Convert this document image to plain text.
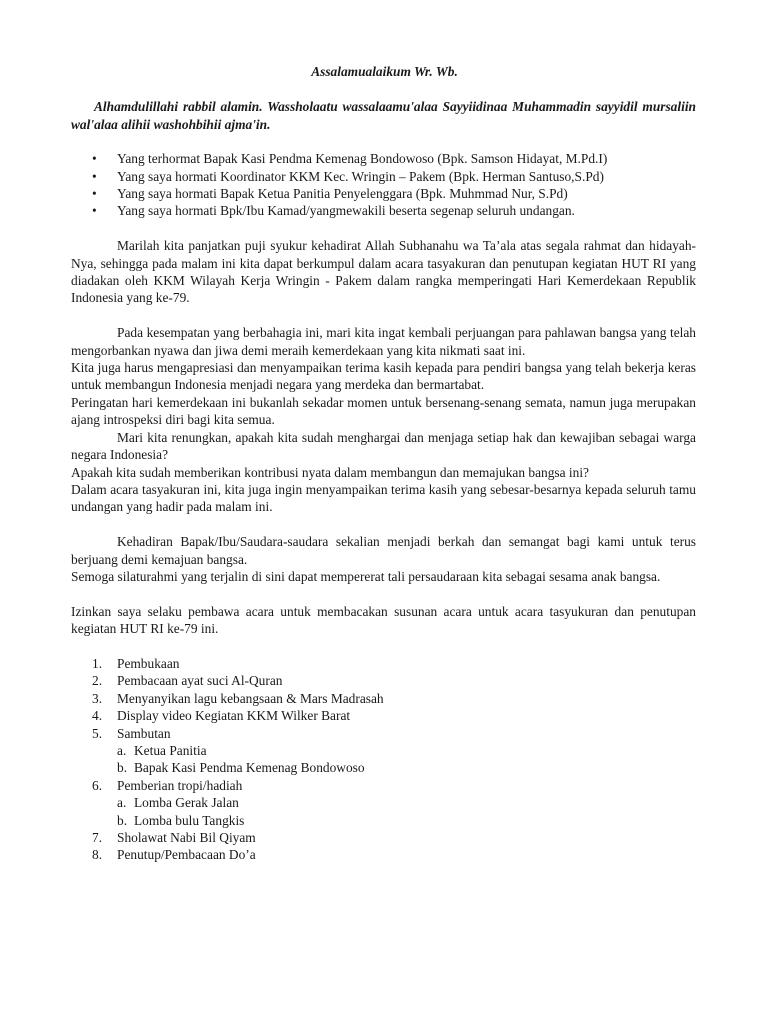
Assalamualaikum Wr. Wb.

Alhamdulillahi rabbil alamin. Wassholaatu wassalaamu'alaa Sayyiidinaa Muhammadin sayyidil mursaliin wal'alaa alihii washohbihii ajma'in.

• Yang terhormat Bapak Kasi Pendma Kemenag Bondowoso (Bpk. Samson Hidayat, M.Pd.I)
• Yang saya hormati Koordinator KKM Kec. Wringin – Pakem (Bpk. Herman Santuso,S.Pd)
• Yang saya hormati Bapak Ketua Panitia Penyelenggara (Bpk. Muhmmad Nur, S.Pd)
• Yang saya hormati Bpk/Ibu Kamad/yangmewakili beserta segenap seluruh undangan.

Marilah kita panjatkan puji syukur kehadirat Allah Subhanahu wa Ta’ala atas segala rahmat dan hidayah-Nya, sehingga pada malam ini kita dapat berkumpul dalam acara tasyakuran dan penutupan kegiatan HUT RI yang diadakan oleh KKM Wilayah Kerja Wringin - Pakem dalam rangka memperingati Hari Kemerdekaan Republik Indonesia yang ke-79.

Pada kesempatan yang berbahagia ini, mari kita ingat kembali perjuangan para pahlawan bangsa yang telah mengorbankan nyawa dan jiwa demi meraih kemerdekaan yang kita nikmati saat ini.

Kita juga harus mengapresiasi dan menyampaikan terima kasih kepada para pendiri bangsa yang telah bekerja keras untuk membangun Indonesia menjadi negara yang merdeka dan bermartabat.

Peringatan hari kemerdekaan ini bukanlah sekadar momen untuk bersenang-senang semata, namun juga merupakan ajang introspeksi diri bagi kita semua.

Mari kita renungkan, apakah kita sudah menghargai dan menjaga setiap hak dan kewajiban sebagai warga negara Indonesia?

Apakah kita sudah memberikan kontribusi nyata dalam membangun dan memajukan bangsa ini?

Dalam acara tasyakuran ini, kita juga ingin menyampaikan terima kasih yang sebesar-besarnya kepada seluruh tamu undangan yang hadir pada malam ini.

Kehadiran Bapak/Ibu/Saudara-saudara sekalian menjadi berkah dan semangat bagi kami untuk terus berjuang demi kemajuan bangsa.

Semoga silaturahmi yang terjalin di sini dapat mempererat tali persaudaraan kita sebagai sesama anak bangsa.

Izinkan saya selaku pembawa acara untuk membacakan susunan acara untuk acara tasyukuran dan penutupan kegiatan HUT RI ke-79 ini.

1. Pembukaan
2. Pembacaan ayat suci Al-Quran
3. Menyanyikan lagu kebangsaan & Mars Madrasah
4. Display video Kegiatan KKM Wilker Barat
5. Sambutan
a. Ketua Panitia
b. Bapak Kasi Pendma Kemenag Bondowoso
6. Pemberian tropi/hadiah
a. Lomba Gerak Jalan
b. Lomba bulu Tangkis
7. Sholawat Nabi Bil Qiyam
8. Penutup/Pembacaan Do’a
